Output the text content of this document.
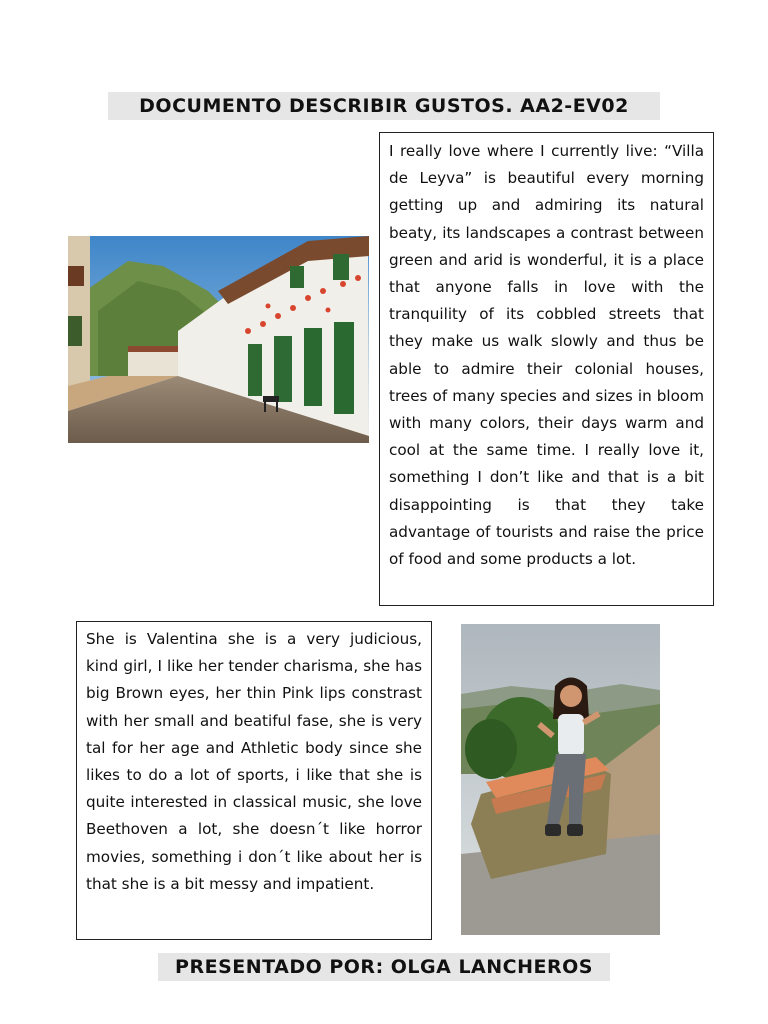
DOCUMENTO DESCRIBIR GUSTOS. AA2-EV02
I really love where I currently live: “Villa de Leyva” is beautiful every morning getting up and admiring its natural beaty, its landscapes a contrast between green and arid is wonderful, it is a place that anyone falls in love with the tranquility of its cobbled streets that they make us walk slowly and thus be able to admire their colonial houses, trees of many species and sizes in bloom with many colors, their days warm and cool at the same time. I really love it, something I don’t like and that is a bit disappointing is that they take advantage of tourists and raise the price of food and some products a lot.
She is Valentina she is a very judicious, kind girl, I like her tender charisma, she has big Brown eyes, her thin Pink lips constrast with her small and beatiful fase, she is very tal for her age and Athletic body since she likes to do a lot of sports, i like that she is quite interested in classical music, she love Beethoven a lot, she doesn´t like horror movies, something i don´t like about her is that she is a bit messy and impatient.
PRESENTADO POR: OLGA LANCHEROS
